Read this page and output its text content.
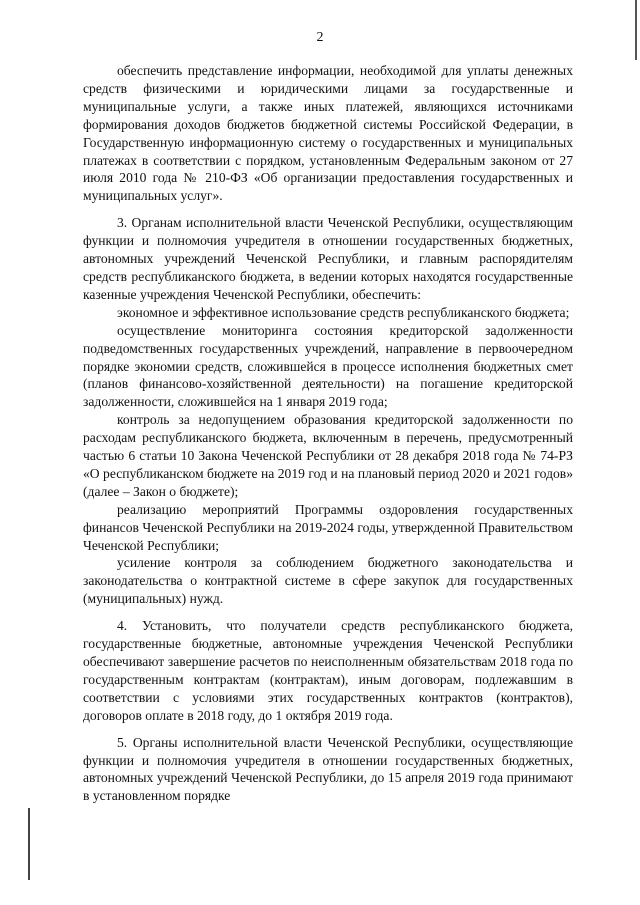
2

обеспечить представление информации, необходимой для уплаты денежных средств физическими и юридическими лицами за государственные и муниципальные услуги, а также иных платежей, являющихся источниками формирования доходов бюджетов бюджетной системы Российской Федерации, в Государственную информационную систему о государственных и муниципальных платежах в соответствии с порядком, установленным Федеральным законом от 27 июля 2010 года № 210-ФЗ «Об организации предоставления государственных и муниципальных услуг».

3. Органам исполнительной власти Чеченской Республики, осуществляющим функции и полномочия учредителя в отношении государственных бюджетных, автономных учреждений Чеченской Республики, и главным распорядителям средств республиканского бюджета, в ведении которых находятся государственные казенные учреждения Чеченской Республики, обеспечить:

экономное и эффективное использование средств республиканского бюджета;

осуществление мониторинга состояния кредиторской задолженности подведомственных государственных учреждений, направление в первоочередном порядке экономии средств, сложившейся в процессе исполнения бюджетных смет (планов финансово-хозяйственной деятельности) на погашение кредиторской задолженности, сложившейся на 1 января 2019 года;

контроль за недопущением образования кредиторской задолженности по расходам республиканского бюджета, включенным в перечень, предусмотренный частью 6 статьи 10 Закона Чеченской Республики от 28 декабря 2018 года № 74-РЗ «О республиканском бюджете на 2019 год и на плановый период 2020 и 2021 годов» (далее – Закон о бюджете);

реализацию мероприятий Программы оздоровления государственных финансов Чеченской Республики на 2019-2024 годы, утвержденной Правительством Чеченской Республики;

усиление контроля за соблюдением бюджетного законодательства и законодательства о контрактной системе в сфере закупок для государственных (муниципальных) нужд.

4. Установить, что получатели средств республиканского бюджета, государственные бюджетные, автономные учреждения Чеченской Республики обеспечивают завершение расчетов по неисполненным обязательствам 2018 года по государственным контрактам (контрактам), иным договорам, подлежавшим в соответствии с условиями этих государственных контрактов (контрактов), договоров оплате в 2018 году, до 1 октября 2019 года.

5. Органы исполнительной власти Чеченской Республики, осуществляющие функции и полномочия учредителя в отношении государственных бюджетных, автономных учреждений Чеченской Республики, до 15 апреля 2019 года принимают в установленном порядке
